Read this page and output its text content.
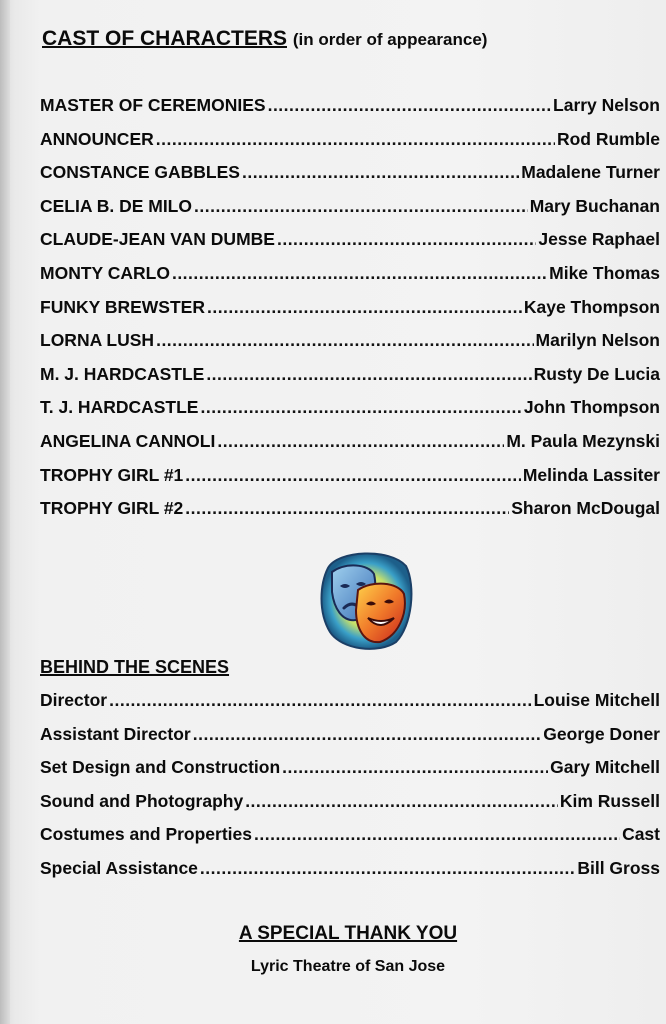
CAST OF CHARACTERS (in order of appearance)
MASTER OF CEREMONIES .....	Larry Nelson
ANNOUNCER .....	Rod Rumble
CONSTANCE GABBLES .....	Madalene Turner
CELIA B. DE MILO .....	Mary Buchanan
CLAUDE-JEAN VAN DUMBE .....	Jesse Raphael
MONTY CARLO .....	Mike Thomas
FUNKY BREWSTER .....	Kaye Thompson
LORNA LUSH .....	Marilyn Nelson
M. J. HARDCASTLE .....	Rusty De Lucia
T. J. HARDCASTLE .....	John Thompson
ANGELINA CANNOLI .....	M. Paula Mezynski
TROPHY GIRL #1 .....	Melinda Lassiter
TROPHY GIRL #2 .....	Sharon McDougal
BEHIND THE SCENES
Director .....	Louise Mitchell
Assistant Director .....	George Doner
Set Design and Construction .....	Gary Mitchell
Sound and Photography .....	Kim Russell
Costumes and Properties .....	Cast
Special Assistance .....	Bill Gross
A SPECIAL THANK YOU
Lyric Theatre of San Jose
